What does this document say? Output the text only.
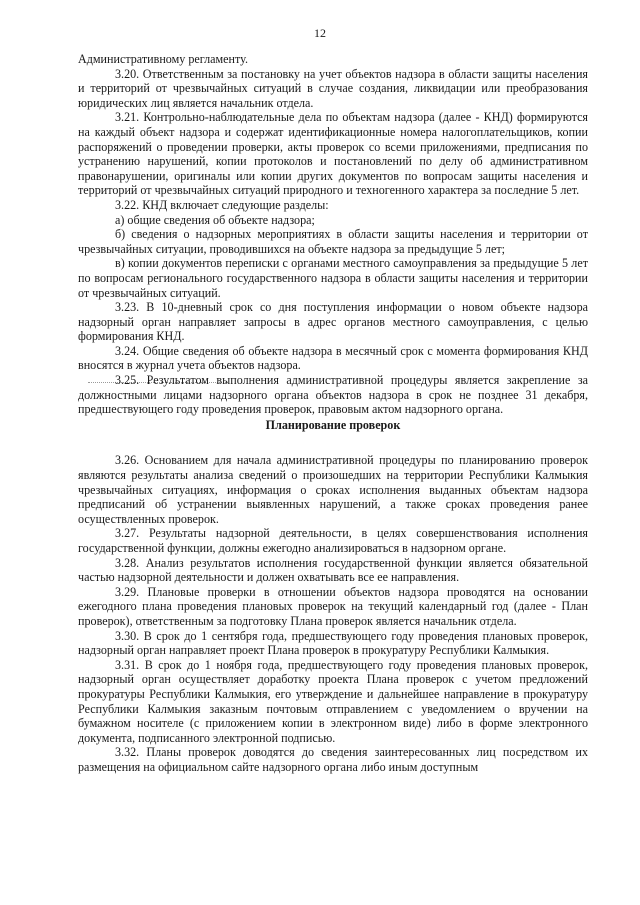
12

Административному регламенту.

3.20. Ответственным за постановку на учет объектов надзора в области защиты населения и территорий от чрезвычайных ситуаций в случае создания, ликвидации или преобразования юридических лиц является начальник отдела.

3.21. Контрольно-наблюдательные дела по объектам надзора (далее - КНД) формируются на каждый объект надзора и содержат идентификационные номера налогоплательщиков, копии распоряжений о проведении проверки, акты проверок со всеми приложениями, предписания по устранению нарушений, копии протоколов и постановлений по делу об административном правонарушении, оригиналы или копии других документов по вопросам защиты населения и территорий от чрезвычайных ситуаций природного и техногенного характера за последние 5 лет.

3.22. КНД включает следующие разделы:

а) общие сведения об объекте надзора;

б) сведения о надзорных мероприятиях в области защиты населения и территории от чрезвычайных ситуации, проводившихся на объекте надзора за предыдущие 5 лет;

в) копии документов переписки с органами местного самоуправления за предыдущие 5 лет по вопросам регионального государственного надзора в области защиты населения и территории от чрезвычайных ситуаций.

3.23. В 10-дневный срок со дня поступления информации о новом объекте надзора надзорный орган направляет запросы в адрес органов местного самоуправления, с целью формирования КНД.

3.24. Общие сведения об объекте надзора в месячный срок с момента формирования КНД вносятся в журнал учета объектов надзора.

3.25. Результатом выполнения административной процедуры является закрепление за должностными лицами надзорного органа объектов надзора в срок не позднее 31 декабря, предшествующего году проведения проверок, правовым актом надзорного органа.

Планирование проверок

3.26. Основанием для начала административной процедуры по планированию проверок являются результаты анализа сведений о произошедших на территории Республики Калмыкия чрезвычайных ситуациях, информация о сроках исполнения выданных объектам надзора предписаний об устранении выявленных нарушений, а также сроках проведения ранее осуществленных проверок.

3.27. Результаты надзорной деятельности, в целях совершенствования исполнения государственной функции, должны ежегодно анализироваться в надзорном органе.

3.28. Анализ результатов исполнения государственной функции является обязательной частью надзорной деятельности и должен охватывать все ее направления.

3.29. Плановые проверки в отношении объектов надзора проводятся на основании ежегодного плана проведения плановых проверок на текущий календарный год (далее - План проверок), ответственным за подготовку Плана проверок является начальник отдела.

3.30. В срок до 1 сентября года, предшествующего году проведения плановых проверок, надзорный орган направляет проект Плана проверок в прокуратуру Республики Калмыкия.

3.31. В срок до 1 ноября года, предшествующего году проведения плановых проверок, надзорный орган осуществляет доработку проекта Плана проверок с учетом предложений прокуратуры Республики Калмыкия, его утверждение и дальнейшее направление в прокуратуру Республики Калмыкия заказным почтовым отправлением с уведомлением о вручении на бумажном носителе (с приложением копии в электронном виде) либо в форме электронного документа, подписанного электронной подписью.

3.32. Планы проверок доводятся до сведения заинтересованных лиц посредством их размещения на официальном сайте надзорного органа либо иным доступным
